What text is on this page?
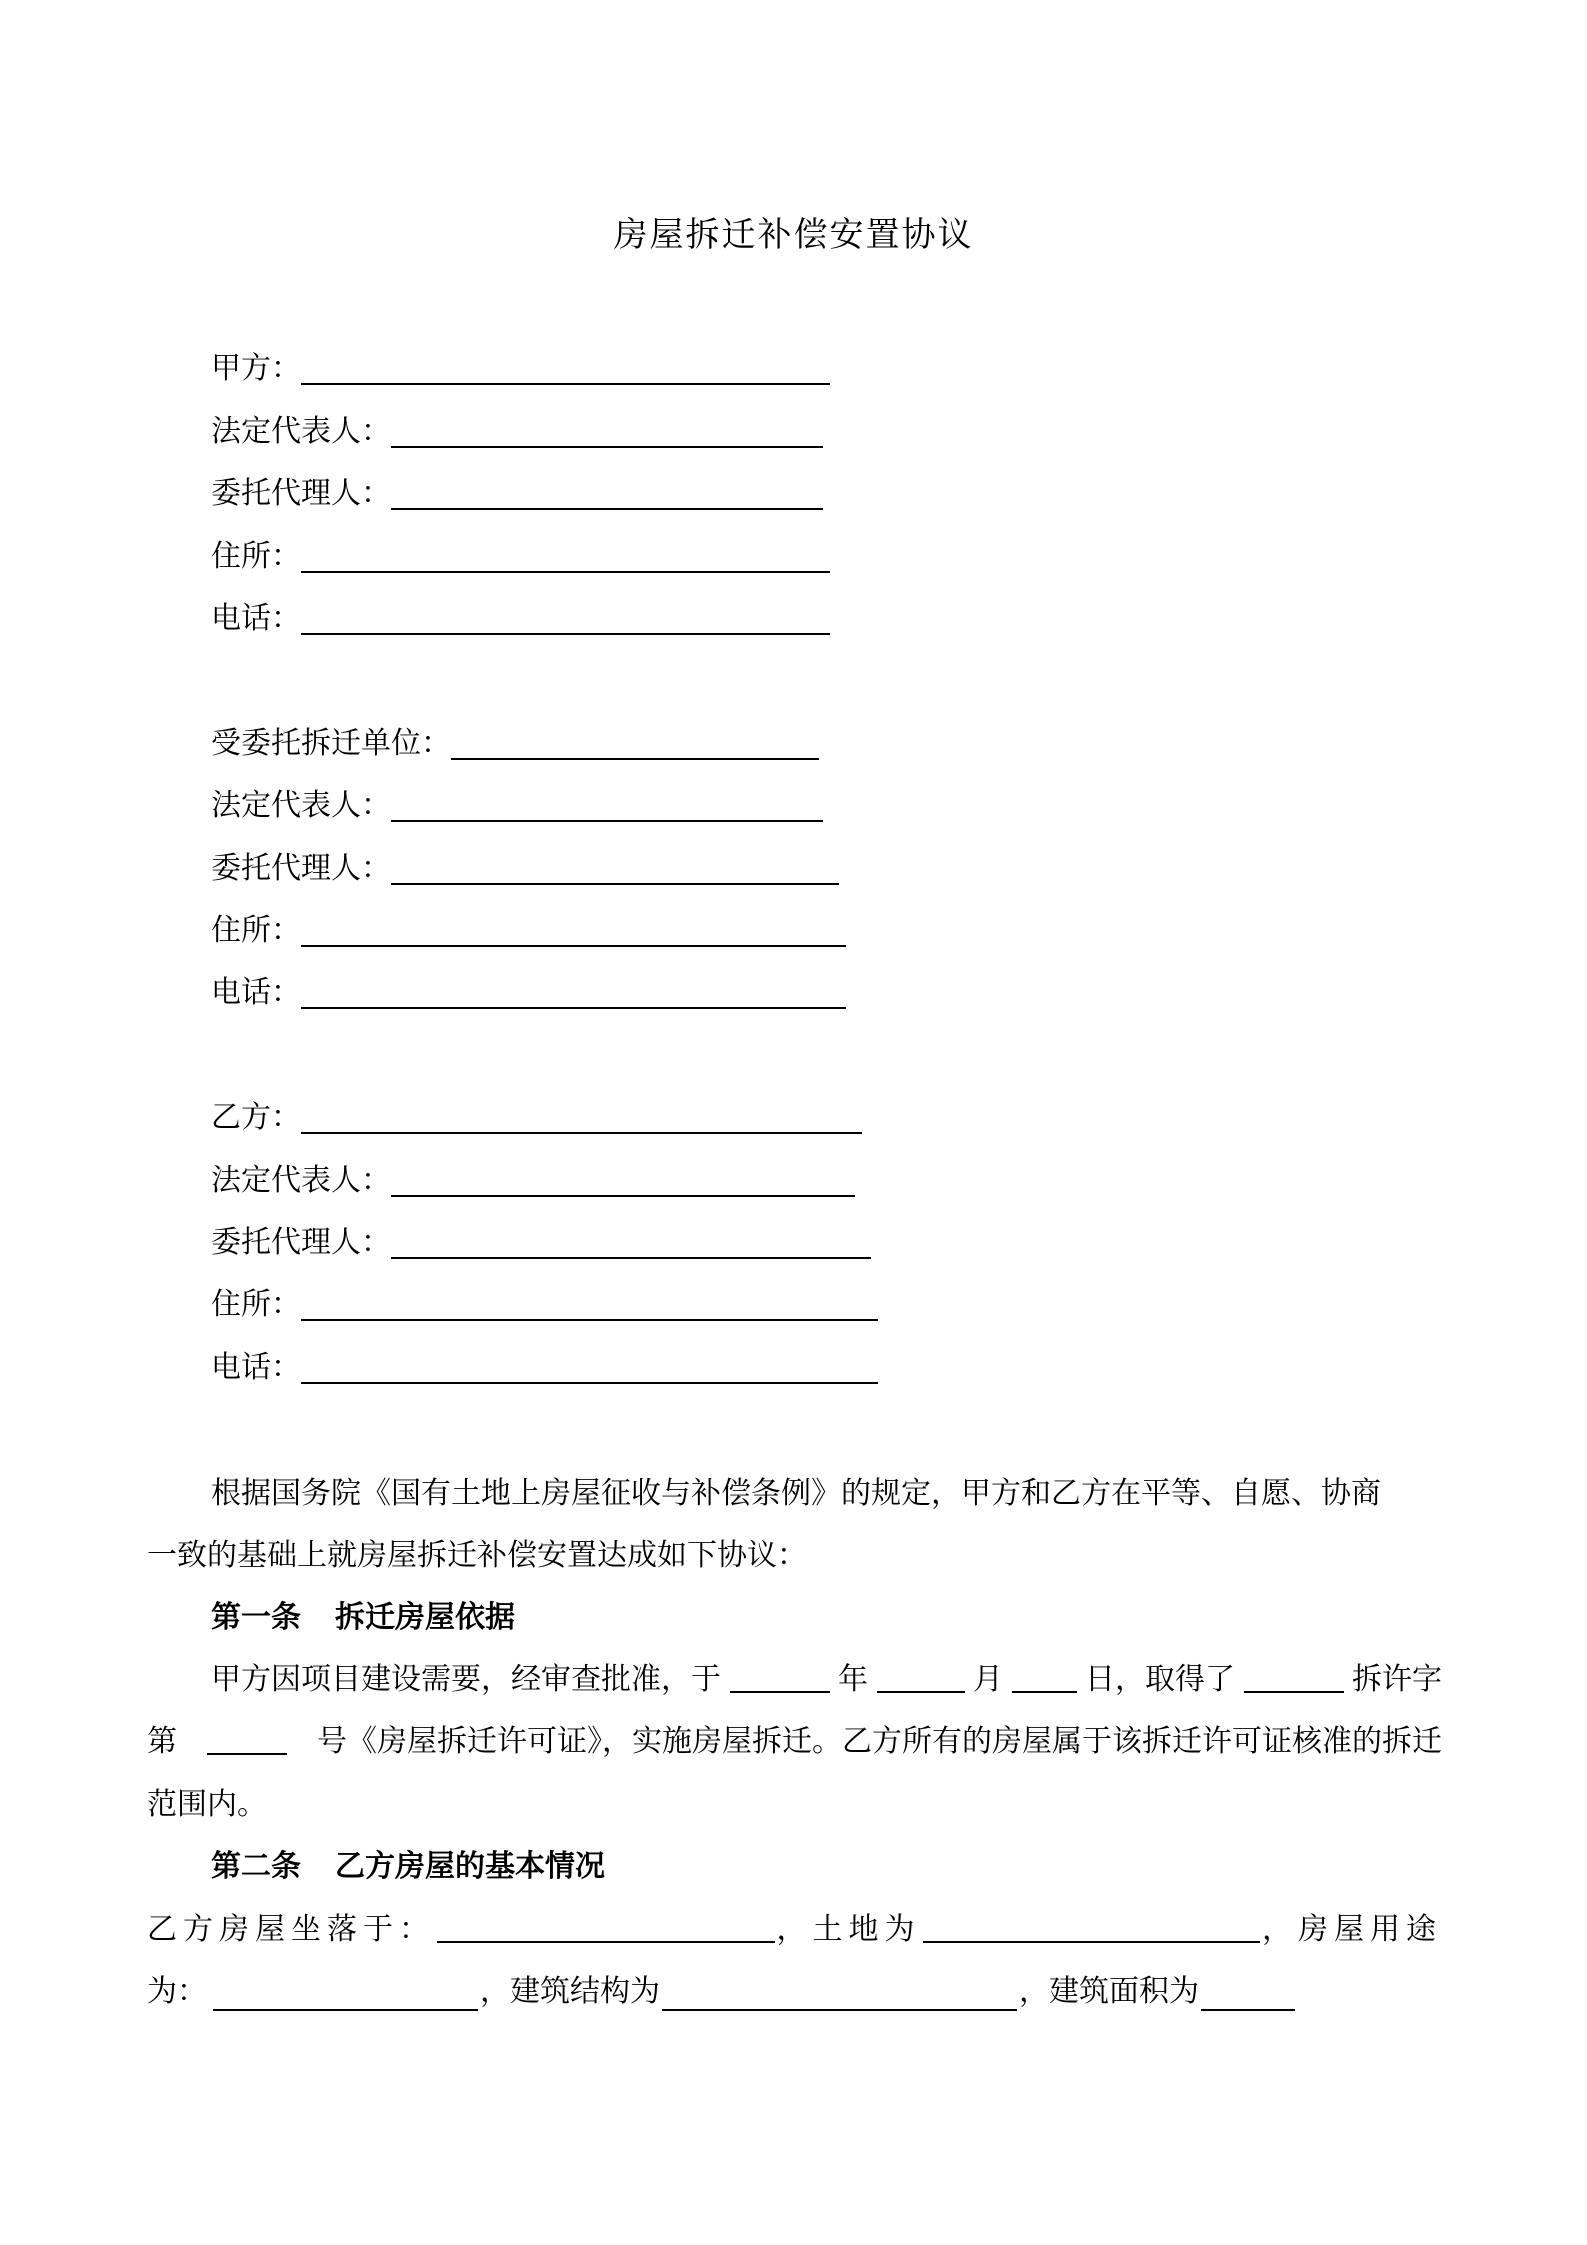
房屋拆迁补偿安置协议
甲方：
法定代表人：
委托代理人：
住所：
电话：
受委托拆迁单位：
法定代表人：
委托代理人：
住所：
电话：
乙方：
法定代表人：
委托代理人：
住所：
电话：
根据国务院《国有土地上房屋征收与补偿条例》的规定，甲方和乙方在平等、自愿、协商
一致的基础上就房屋拆迁补偿安置达成如下协议：
第一条 拆迁房屋依据
甲方因项目建设需要，经审查批准，于	年	月	日，取得了	拆许字
第	号《房屋拆迁许可证》，实施房屋拆迁。乙方所有的房屋属于该拆迁许可证核准的拆迁
范围内。
第二条 乙方房屋的基本情况
乙方房屋坐落于：	，土地为	，房屋用途
为：	，建筑结构为	，建筑面积为
